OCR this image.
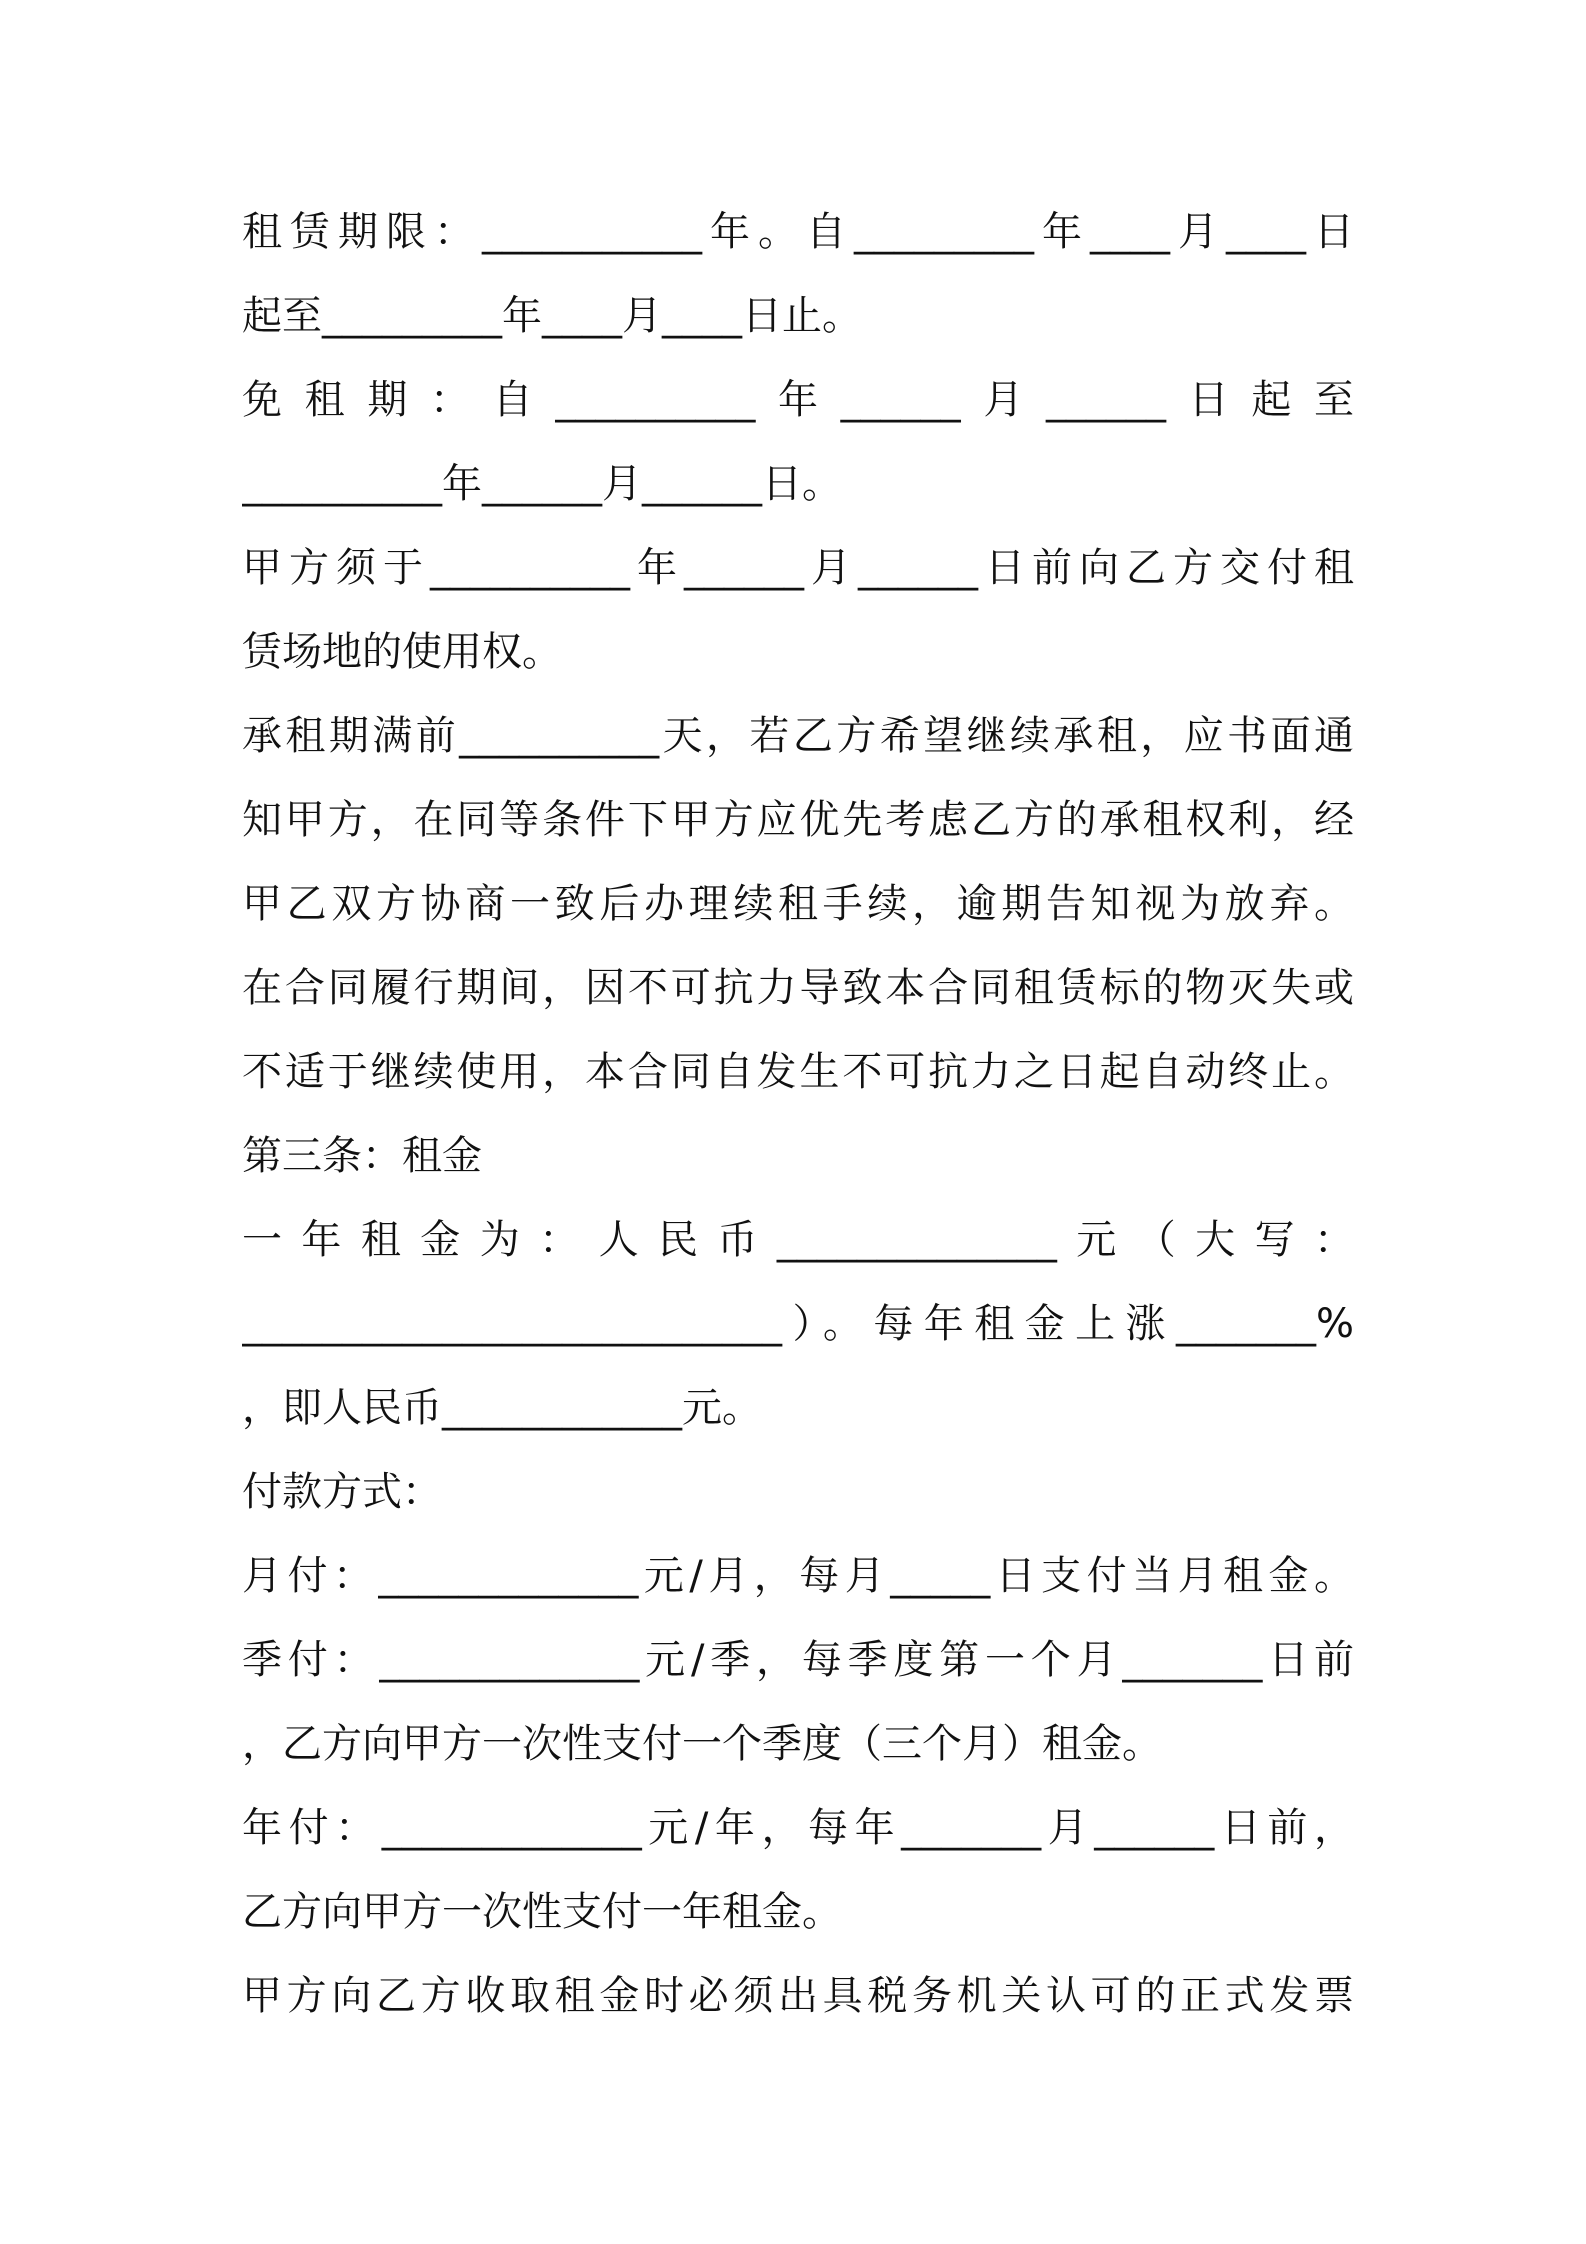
租赁期限：___________年。自_________年____月____日
起至_________年____月____日止。
免租期：自__________年______月______日起至
__________年______月______日。
甲方须于__________年______月______日前向乙方交付租
赁场地的使用权。
承租期满前__________天，若乙方希望继续承租，应书面通
知甲方，在同等条件下甲方应优先考虑乙方的承租权利，经
甲乙双方协商一致后办理续租手续，逾期告知视为放弃。
在合同履行期间，因不可抗力导致本合同租赁标的物灭失或
不适于继续使用，本合同自发生不可抗力之日起自动终止。
第三条：租金
一年租金为：人民币______________元（大写：
___________________________）。每年租金上涨_______%
，即人民币____________元。
付款方式：
月付：_____________元/月，每月_____日支付当月租金。
季付：_____________元/季，每季度第一个月_______日前
，乙方向甲方一次性支付一个季度（三个月）租金。
年付：_____________元/年，每年_______月______日前，
乙方向甲方一次性支付一年租金。
甲方向乙方收取租金时必须出具税务机关认可的正式发票
